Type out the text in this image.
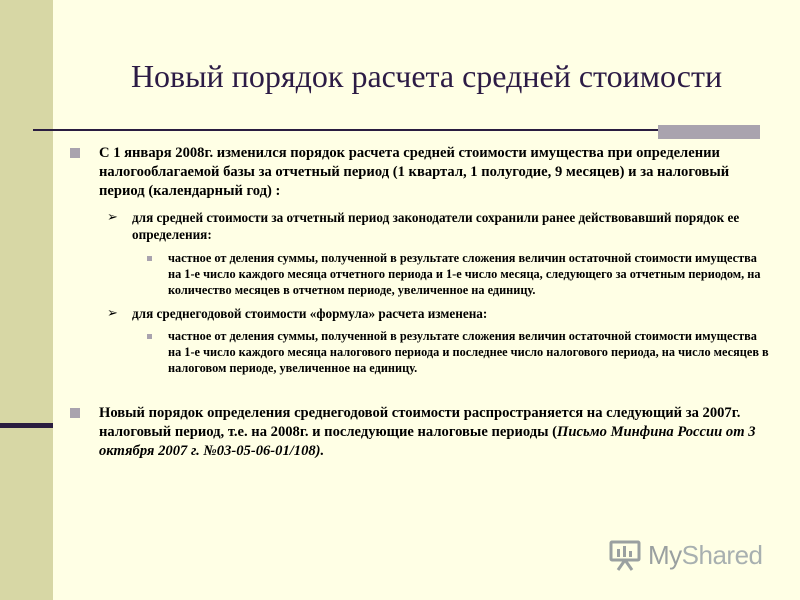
Новый порядок расчета средней стоимости
С 1 января 2008г. изменился порядок расчета средней стоимости имущества при определении налогооблагаемой базы за отчетный период (1 квартал, 1 полугодие, 9 месяцев) и за налоговый период (календарный год) :
➢ для средней стоимости за отчетный период законодатели сохранили ранее действовавший порядок ее определения:
частное от деления суммы, полученной в результате сложения величин остаточной стоимости имущества на 1-е число каждого месяца отчетного периода и 1-е число месяца, следующего за отчетным периодом, на количество месяцев в отчетном периоде, увеличенное на единицу.
➢ для среднегодовой стоимости «формула» расчета изменена:
частное от деления суммы, полученной в результате сложения величин остаточной стоимости имущества на 1-е число каждого месяца налогового периода и последнее число налогового периода, на число месяцев в налоговом периоде, увеличенное на единицу.
Новый порядок определения среднегодовой стоимости распространяется на следующий за 2007г. налоговый период, т.е. на 2008г. и последующие налоговые периоды (Письмо Минфина России от 3 октября 2007 г. №03-05-06-01/108).
MyShared
